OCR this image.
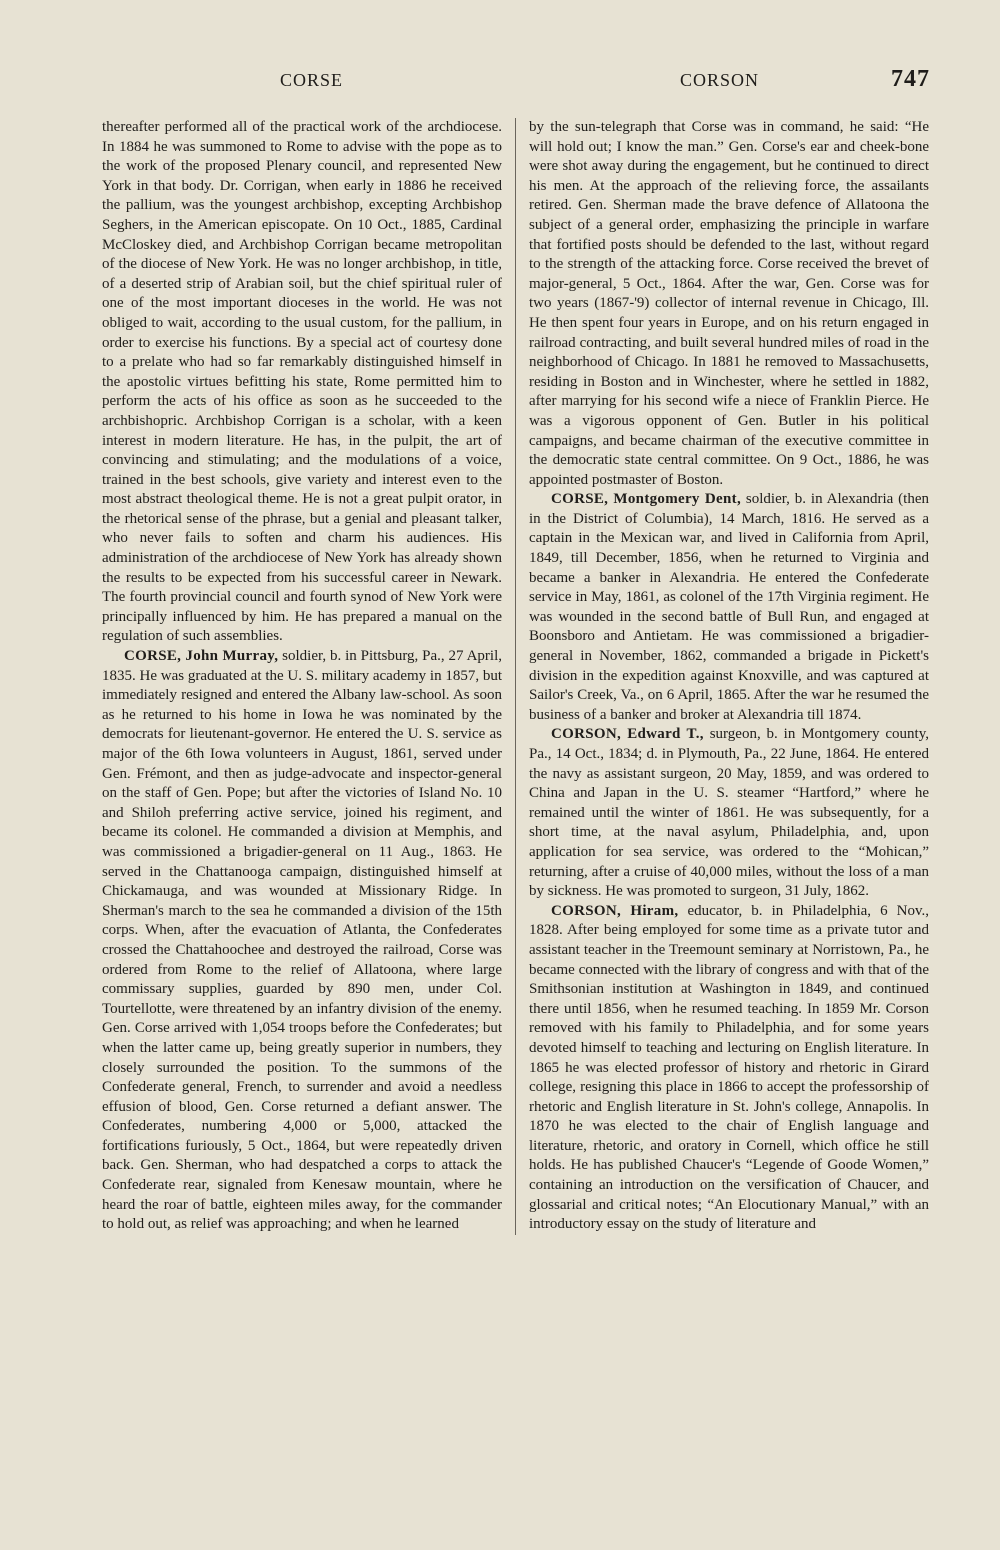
CORSE	CORSON	747

thereafter performed all of the practical work of the archdiocese. In 1884 he was summoned to Rome to advise with the pope as to the work of the proposed Plenary council, and represented New York in that body. Dr. Corrigan, when early in 1886 he received the pallium, was the youngest archbishop, excepting Archbishop Seghers, in the American episcopate. On 10 Oct., 1885, Cardinal McCloskey died, and Archbishop Corrigan became metropolitan of the diocese of New York. He was no longer archbishop, in title, of a deserted strip of Arabian soil, but the chief spiritual ruler of one of the most important dioceses in the world. He was not obliged to wait, according to the usual custom, for the pallium, in order to exercise his functions. By a special act of courtesy done to a prelate who had so far remarkably distinguished himself in the apostolic virtues befitting his state, Rome permitted him to perform the acts of his office as soon as he succeeded to the archbishopric. Archbishop Corrigan is a scholar, with a keen interest in modern literature. He has, in the pulpit, the art of convincing and stimulating; and the modulations of a voice, trained in the best schools, give variety and interest even to the most abstract theological theme. He is not a great pulpit orator, in the rhetorical sense of the phrase, but a genial and pleasant talker, who never fails to soften and charm his audiences. His administration of the archdiocese of New York has already shown the results to be expected from his successful career in Newark. The fourth provincial council and fourth synod of New York were principally influenced by him. He has prepared a manual on the regulation of such assemblies.

CORSE, John Murray, soldier, b. in Pittsburg, Pa., 27 April, 1835. He was graduated at the U. S. military academy in 1857, but immediately resigned and entered the Albany law-school. As soon as he returned to his home in Iowa he was nominated by the democrats for lieutenant-governor. He entered the U. S. service as major of the 6th Iowa volunteers in August, 1861, served under Gen. Frémont, and then as judge-advocate and inspector-general on the staff of Gen. Pope; but after the victories of Island No. 10 and Shiloh preferring active service, joined his regiment, and became its colonel. He commanded a division at Memphis, and was commissioned a brigadier-general on 11 Aug., 1863. He served in the Chattanooga campaign, distinguished himself at Chickamauga, and was wounded at Missionary Ridge. In Sherman's march to the sea he commanded a division of the 15th corps. When, after the evacuation of Atlanta, the Confederates crossed the Chattahoochee and destroyed the railroad, Corse was ordered from Rome to the relief of Allatoona, where large commissary supplies, guarded by 890 men, under Col. Tourtellotte, were threatened by an infantry division of the enemy. Gen. Corse arrived with 1,054 troops before the Confederates; but when the latter came up, being greatly superior in numbers, they closely surrounded the position. To the summons of the Confederate general, French, to surrender and avoid a needless effusion of blood, Gen. Corse returned a defiant answer. The Confederates, numbering 4,000 or 5,000, attacked the fortifications furiously, 5 Oct., 1864, but were repeatedly driven back. Gen. Sherman, who had despatched a corps to attack the Confederate rear, signaled from Kenesaw mountain, where he heard the roar of battle, eighteen miles away, for the commander to hold out, as relief was approaching; and when he learned

by the sun-telegraph that Corse was in command, he said: “He will hold out; I know the man.” Gen. Corse's ear and cheek-bone were shot away during the engagement, but he continued to direct his men. At the approach of the relieving force, the assailants retired. Gen. Sherman made the brave defence of Allatoona the subject of a general order, emphasizing the principle in warfare that fortified posts should be defended to the last, without regard to the strength of the attacking force. Corse received the brevet of major-general, 5 Oct., 1864. After the war, Gen. Corse was for two years (1867-'9) collector of internal revenue in Chicago, Ill. He then spent four years in Europe, and on his return engaged in railroad contracting, and built several hundred miles of road in the neighborhood of Chicago. In 1881 he removed to Massachusetts, residing in Boston and in Winchester, where he settled in 1882, after marrying for his second wife a niece of Franklin Pierce. He was a vigorous opponent of Gen. Butler in his political campaigns, and became chairman of the executive committee in the democratic state central committee. On 9 Oct., 1886, he was appointed postmaster of Boston.

CORSE, Montgomery Dent, soldier, b. in Alexandria (then in the District of Columbia), 14 March, 1816. He served as a captain in the Mexican war, and lived in California from April, 1849, till December, 1856, when he returned to Virginia and became a banker in Alexandria. He entered the Confederate service in May, 1861, as colonel of the 17th Virginia regiment. He was wounded in the second battle of Bull Run, and engaged at Boonsboro and Antietam. He was commissioned a brigadier-general in November, 1862, commanded a brigade in Pickett's division in the expedition against Knoxville, and was captured at Sailor's Creek, Va., on 6 April, 1865. After the war he resumed the business of a banker and broker at Alexandria till 1874.

CORSON, Edward T., surgeon, b. in Montgomery county, Pa., 14 Oct., 1834; d. in Plymouth, Pa., 22 June, 1864. He entered the navy as assistant surgeon, 20 May, 1859, and was ordered to China and Japan in the U. S. steamer “Hartford,” where he remained until the winter of 1861. He was subsequently, for a short time, at the naval asylum, Philadelphia, and, upon application for sea service, was ordered to the “Mohican,” returning, after a cruise of 40,000 miles, without the loss of a man by sickness. He was promoted to surgeon, 31 July, 1862.

CORSON, Hiram, educator, b. in Philadelphia, 6 Nov., 1828. After being employed for some time as a private tutor and assistant teacher in the Treemount seminary at Norristown, Pa., he became connected with the library of congress and with that of the Smithsonian institution at Washington in 1849, and continued there until 1856, when he resumed teaching. In 1859 Mr. Corson removed with his family to Philadelphia, and for some years devoted himself to teaching and lecturing on English literature. In 1865 he was elected professor of history and rhetoric in Girard college, resigning this place in 1866 to accept the professorship of rhetoric and English literature in St. John's college, Annapolis. In 1870 he was elected to the chair of English language and literature, rhetoric, and oratory in Cornell, which office he still holds. He has published Chaucer's “Legende of Goode Women,” containing an introduction on the versification of Chaucer, and glossarial and critical notes; “An Elocutionary Manual,” with an introductory essay on the study of literature and
